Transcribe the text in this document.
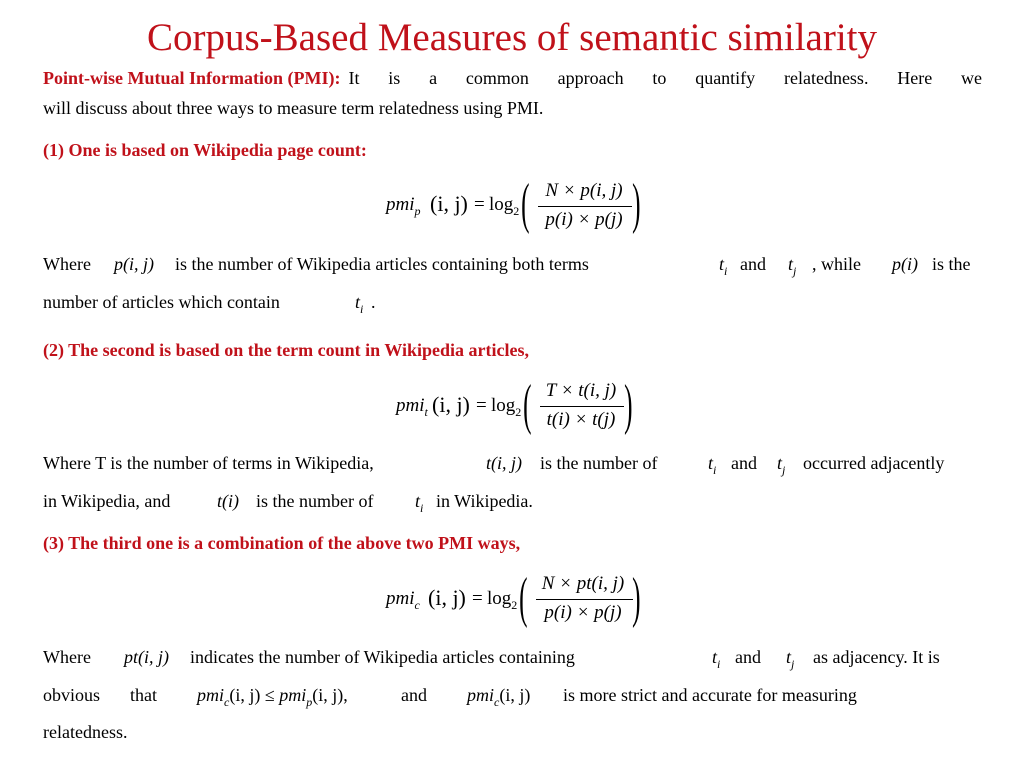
Corpus-Based Measures of semantic similarity
Point-wise Mutual Information (PMI): It is a common approach to quantify relatedness. Here we
will discuss about three ways to measure term relatedness using PMI.
(1) One is based on Wikipedia page count:
pmi$_p$ (i, $j) = \log_2$ ( N × p(i, j)
p(i) × p(j) )
Where p(i, j) is the number of Wikipedia articles containing both terms	$t_i$ and $t_j$ , while p(i) is the
number of articles which contain	$t_i$ .
(2) The second is based on the term count in Wikipedia articles,
pmi$_t$ (i, $j) = \log_2$ ( T × t(i, j)
t(i) × t(j) )
Where T is the number of terms in Wikipedia,	t(i, j) is the number of	$t_i$ and $t_j$ occurred adjacently
in Wikipedia, and	t(i) is the number of $t_i$ in Wikipedia.
(3) The third one is a combination of the above two PMI ways,
pmi$_c$ (i, $j) = \log_2$ ( N × pt(i, j)
p(i) × p(j) )
Where pt(i, j) indicates the number of Wikipedia articles containing	$t_i$ and $t_j$ as adjacency. It is
obvious that pmi$_c$(i, j) ≤ pmi$_p$(i, j),	and pmi$_c$(i, j) is more strict and accurate for measuring
relatedness.
